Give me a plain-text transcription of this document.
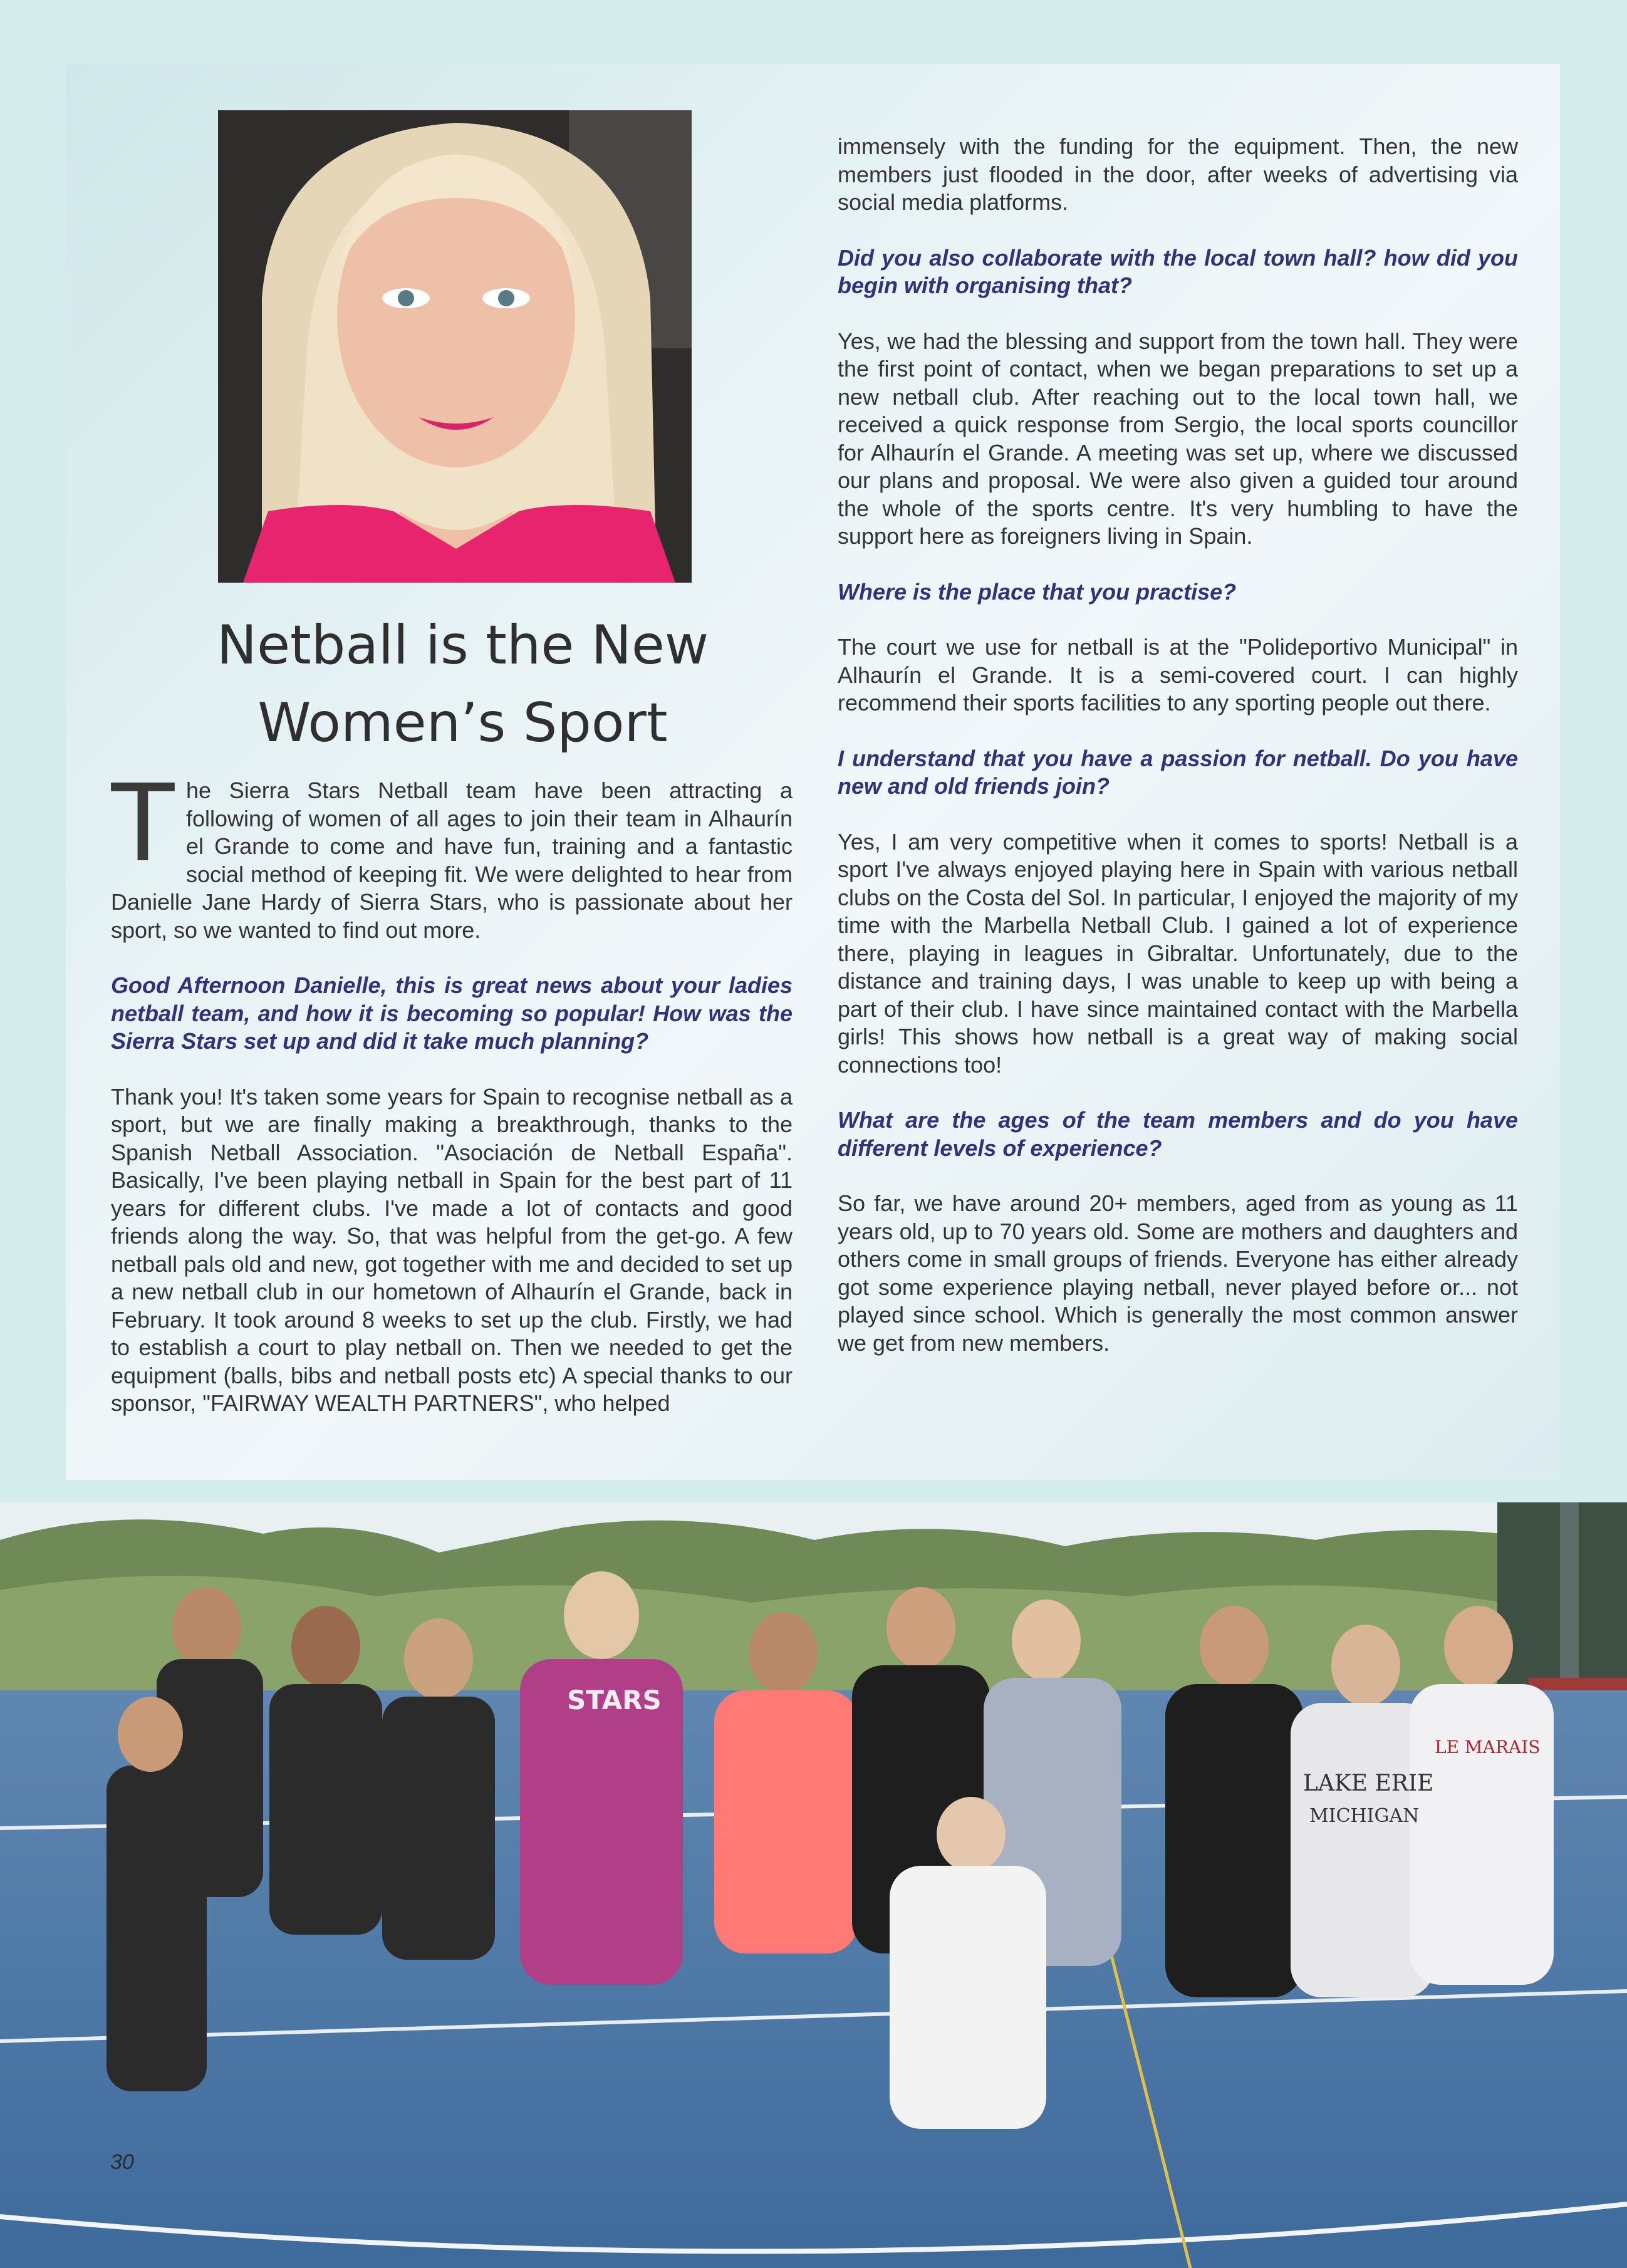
Netball is the New
Women’s Sport

The Sierra Stars Netball team have been attracting a following of women of all ages to join their team in Alhaurín el Grande to come and have fun, training and a fantastic social method of keeping fit. We were delighted to hear from Danielle Jane Hardy of Sierra Stars, who is passionate about her sport, so we wanted to find out more.

Good Afternoon Danielle, this is great news about your ladies netball team, and how it is becoming so popular! How was the Sierra Stars set up and did it take much planning?

Thank you! It's taken some years for Spain to recognise netball as a sport, but we are finally making a breakthrough, thanks to the Spanish Netball Association. "Asociación de Netball España". Basically, I've been playing netball in Spain for the best part of 11 years for different clubs. I've made a lot of contacts and good friends along the way. So, that was helpful from the get-go. A few netball pals old and new, got together with me and decided to set up a new netball club in our hometown of Alhaurín el Grande, back in February. It took around 8 weeks to set up the club. Firstly, we had to establish a court to play netball on. Then we needed to get the equipment (balls, bibs and netball posts etc) A special thanks to our sponsor, "FAIRWAY WEALTH PARTNERS", who helped

immensely with the funding for the equipment. Then, the new members just flooded in the door, after weeks of advertising via social media platforms.

Did you also collaborate with the local town hall? how did you begin with organising that?

Yes, we had the blessing and support from the town hall. They were the first point of contact, when we began preparations to set up a new netball club. After reaching out to the local town hall, we received a quick response from Sergio, the local sports councillor for Alhaurín el Grande. A meeting was set up, where we discussed our plans and proposal. We were also given a guided tour around the whole of the sports centre. It's very humbling to have the support here as foreigners living in Spain.

Where is the place that you practise?

The court we use for netball is at the "Polideportivo Municipal" in Alhaurín el Grande. It is a semi-covered court. I can highly recommend their sports facilities to any sporting people out there.

I understand that you have a passion for netball. Do you have new and old friends join?

Yes, I am very competitive when it comes to sports! Netball is a sport I've always enjoyed playing here in Spain with various netball clubs on the Costa del Sol. In particular, I enjoyed the majority of my time with the Marbella Netball Club. I gained a lot of experience there, playing in leagues in Gibraltar. Unfortunately, due to the distance and training days, I was unable to keep up with being a part of their club. I have since maintained contact with the Marbella girls! This shows how netball is a great way of making social connections too!

What are the ages of the team members and do you have different levels of experience?

So far, we have around 20+ members, aged from as young as 11 years old, up to 70 years old. Some are mothers and daughters and others come in small groups of friends. Everyone has either already got some experience playing netball, never played before or... not played since school. Which is generally the most common answer we get from new members.

STARS
LAKE ERIE
MICHIGAN
LE MARAIS
30
